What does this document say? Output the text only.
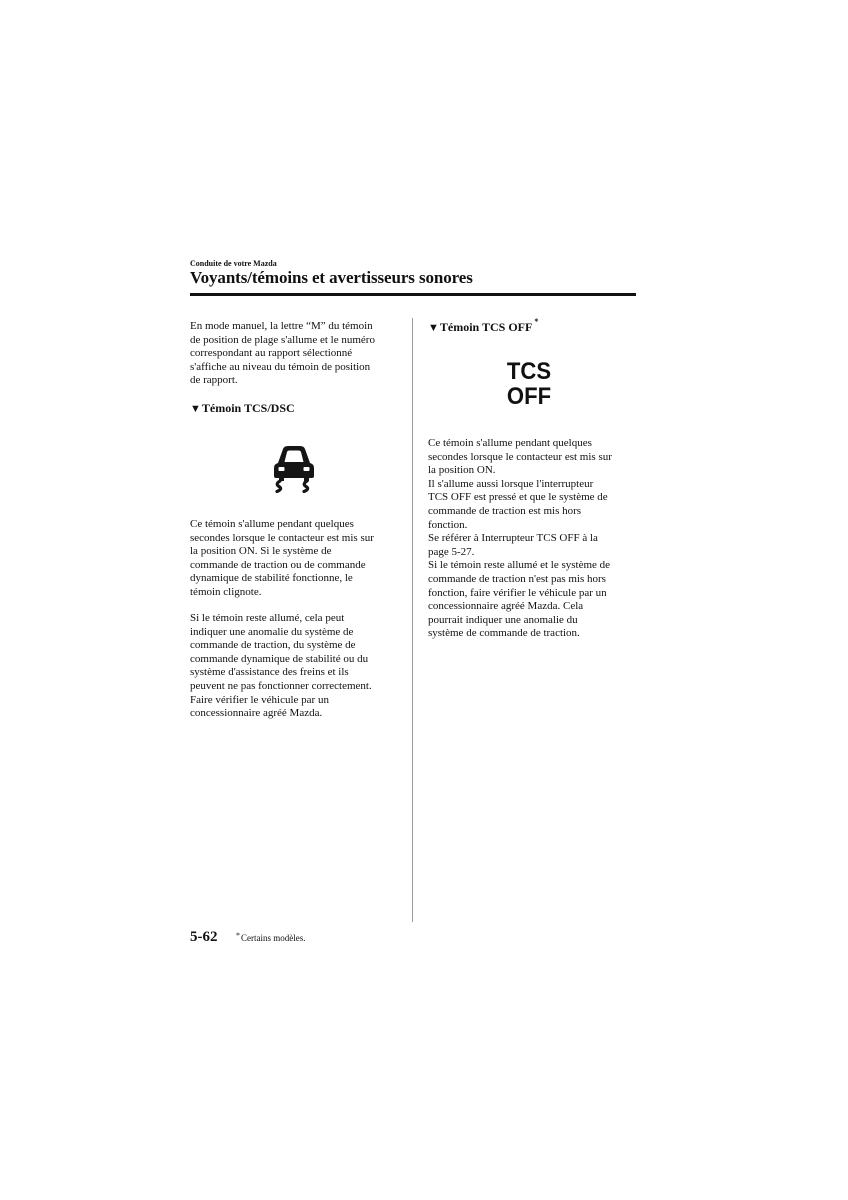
Conduite de votre Mazda
Voyants/témoins et avertisseurs sonores

En mode manuel, la lettre “M” du témoin
de position de plage s'allume et le numéro
correspondant au rapport sélectionné
s'affiche au niveau du témoin de position
de rapport.

▼Témoin TCS/DSC

Ce témoin s'allume pendant quelques
secondes lorsque le contacteur est mis sur
la position ON. Si le système de
commande de traction ou de commande
dynamique de stabilité fonctionne, le
témoin clignote.

Si le témoin reste allumé, cela peut
indiquer une anomalie du système de
commande de traction, du système de
commande dynamique de stabilité ou du
système d'assistance des freins et ils
peuvent ne pas fonctionner correctement.
Faire vérifier le véhicule par un
concessionnaire agréé Mazda.

▼Témoin TCS OFF *
TCS
OFF

Ce témoin s'allume pendant quelques
secondes lorsque le contacteur est mis sur
la position ON.
Il s'allume aussi lorsque l'interrupteur
TCS OFF est pressé et que le système de
commande de traction est mis hors
fonction.
Se référer à Interrupteur TCS OFF à la
page 5-27.
Si le témoin reste allumé et le système de
commande de traction n'est pas mis hors
fonction, faire vérifier le véhicule par un
concessionnaire agréé Mazda. Cela
pourrait indiquer une anomalie du
système de commande de traction.

5-62 *Certains modèles.
